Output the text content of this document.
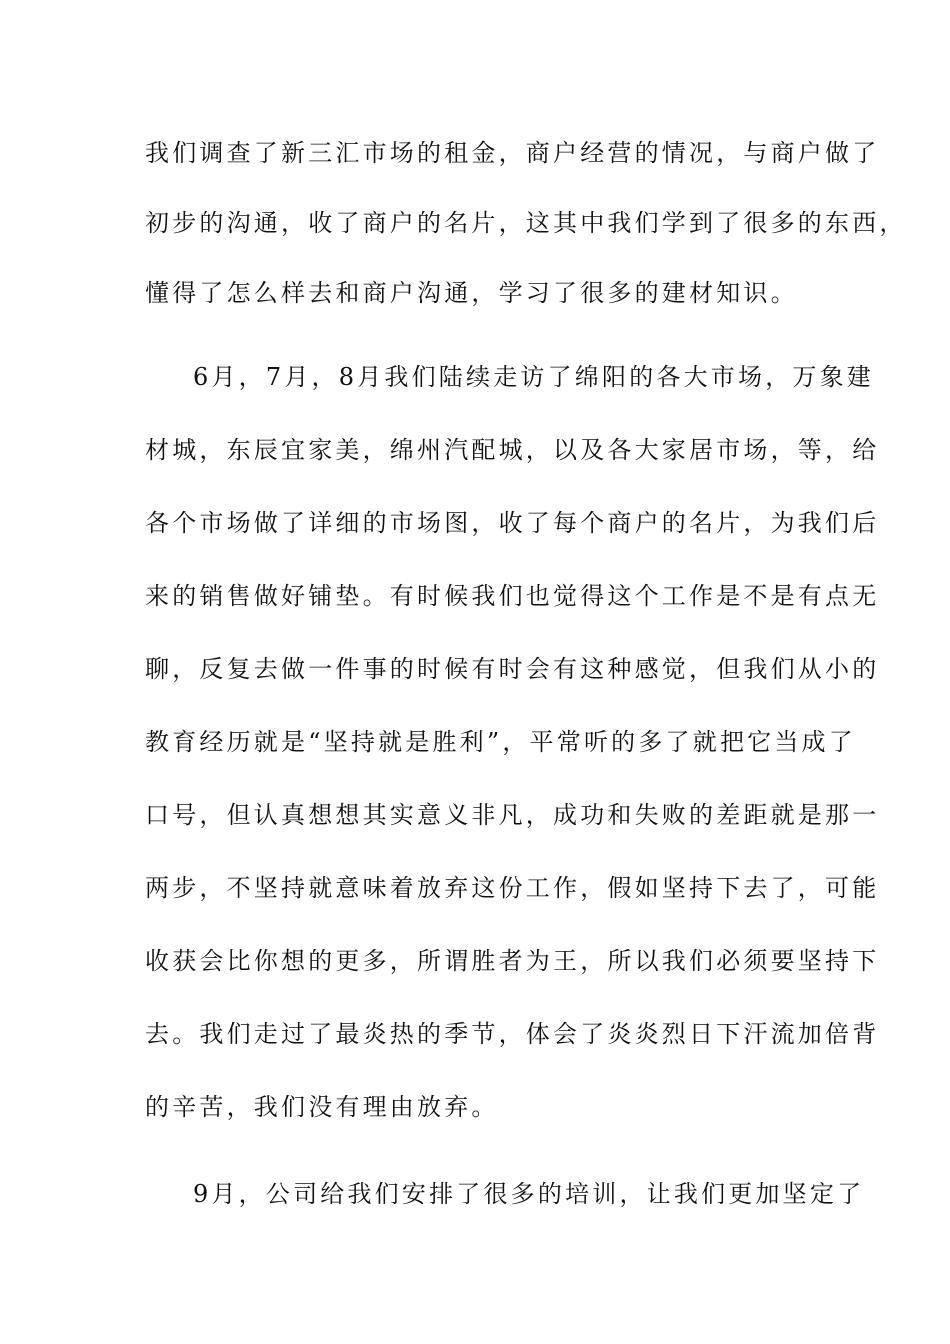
我们调查了新三汇市场的租金，商户经营的情况，与商户做了
初步的沟通，收了商户的名片，这其中我们学到了很多的东西，
懂得了怎么样去和商户沟通，学习了很多的建材知识。
6月，7月，8月我们陆续走访了绵阳的各大市场，万象建
材城，东辰宜家美，绵州汽配城，以及各大家居市场，等，给
各个市场做了详细的市场图，收了每个商户的名片，为我们后
来的销售做好铺垫。有时候我们也觉得这个工作是不是有点无
聊，反复去做一件事的时候有时会有这种感觉，但我们从小的
教育经历就是“坚持就是胜利”，平常听的多了就把它当成了
口号，但认真想想其实意义非凡，成功和失败的差距就是那一
两步，不坚持就意味着放弃这份工作，假如坚持下去了，可能
收获会比你想的更多，所谓胜者为王，所以我们必须要坚持下
去。我们走过了最炎热的季节，体会了炎炎烈日下汗流加倍背
的辛苦，我们没有理由放弃。
9月，公司给我们安排了很多的培训，让我们更加坚定了
